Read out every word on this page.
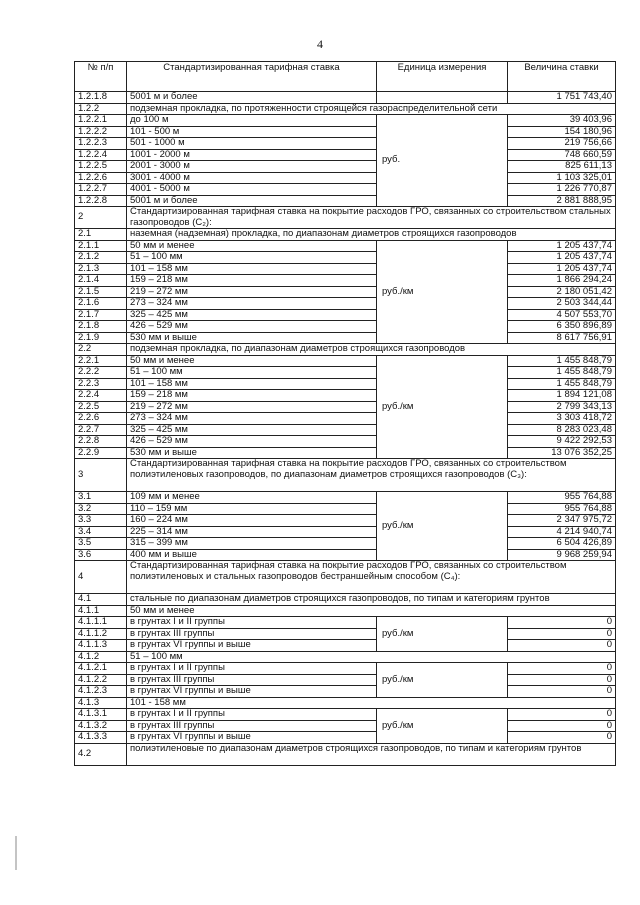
4
№ п/п	Стандартизированная тарифная ставка	Единица измерения	Величина ставки
1.2.1.8	5001 м и более		1 751 743,40
1.2.2	подземная прокладка, по протяженности строящейся газораспределительной сети		
1.2.2.1	до 100 м	руб.	39 403,96
1.2.2.2	101 - 500 м		154 180,96
1.2.2.3	501 - 1000 м		219 756,66
1.2.2.4	1001 - 2000 м		748 660,59
1.2.2.5	2001 - 3000 м		825 611,13
1.2.2.6	3001 - 4000 м		1 103 325,01
1.2.2.7	4001 - 5000 м		1 226 770,87
1.2.2.8	5001 м и более		2 881 888,95
2	Стандартизированная тарифная ставка на покрытие расходов ГРО, связанных со строительством стальных газопроводов (С₂):		
2.1	наземная (надземная) прокладка, по диапазонам диаметров строящихся газопроводов		
2.1.1	50 мм и менее	руб./км	1 205 437,74
2.1.2	51 – 100 мм		1 205 437,74
2.1.3	101 – 158 мм		1 205 437,74
2.1.4	159 – 218 мм		1 866 294,24
2.1.5	219 – 272 мм		2 180 051,42
2.1.6	273 – 324 мм		2 503 344,44
2.1.7	325 – 425 мм		4 507 553,70
2.1.8	426 – 529 мм		6 350 896,89
2.1.9	530 мм и выше		8 617 756,91
2.2	подземная прокладка, по диапазонам диаметров строящихся газопроводов		
2.2.1	50 мм и менее	руб./км	1 455 848,79
2.2.2	51 – 100 мм		1 455 848,79
2.2.3	101 – 158 мм		1 455 848,79
2.2.4	159 – 218 мм		1 894 121,08
2.2.5	219 – 272 мм		2 799 343,13
2.2.6	273 – 324 мм		3 303 418,72
2.2.7	325 – 425 мм		8 283 023,48
2.2.8	426 – 529 мм		9 422 292,53
2.2.9	530 мм и выше		13 076 352,25
3	Стандартизированная тарифная ставка на покрытие расходов ГРО, связанных со строительством полиэтиленовых газопроводов, по диапазонам диаметров строящихся газопроводов (С₃):		
3.1	109 мм и менее	руб./км	955 764,88
3.2	110 – 159 мм		955 764,88
3.3	160 – 224 мм		2 347 975,72
3.4	225 – 314 мм		4 214 940,74
3.5	315 – 399 мм		6 504 426,89
3.6	400 мм и выше		9 968 259,94
4	Стандартизированная тарифная ставка на покрытие расходов ГРО, связанных со строительством полиэтиленовых и стальных газопроводов бестраншейным способом (С₄):		
4.1	стальные по диапазонам диаметров строящихся газопроводов, по типам и категориям грунтов		
4.1.1	50 мм и менее		
4.1.1.1	в грунтах I и II группы	руб./км	0
4.1.1.2	в грунтах III группы		0
4.1.1.3	в грунтах VI группы и выше		0
4.1.2	51 – 100 мм		
4.1.2.1	в грунтах I и II группы	руб./км	0
4.1.2.2	в грунтах III группы		0
4.1.2.3	в грунтах VI группы и выше		0
4.1.3	101 - 158 мм		
4.1.3.1	в грунтах I и II группы	руб./км	0
4.1.3.2	в грунтах III группы		0
4.1.3.3	в грунтах VI группы и выше		0
4.2	полиэтиленовые по диапазонам диаметров строящихся газопроводов, по типам и категориям грунтов		
